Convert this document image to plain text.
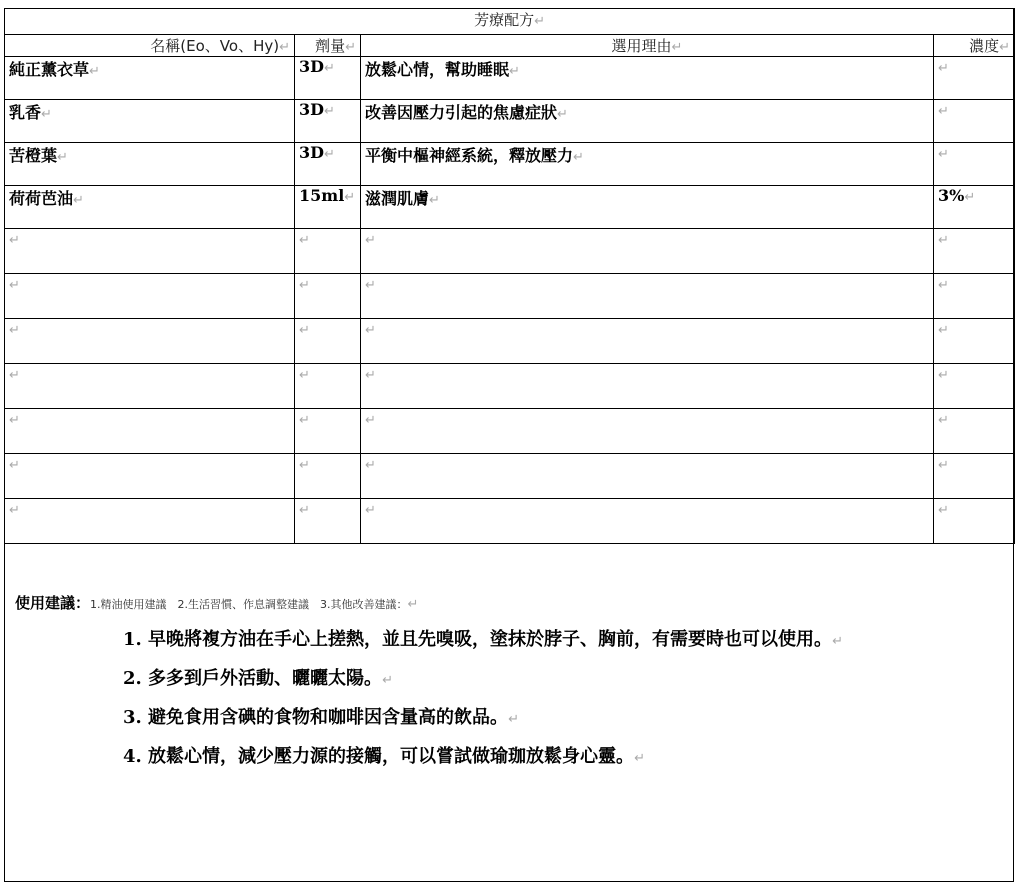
芳療配方↵			
名稱(Eo、Vo、Hy)↵	劑量↵	選用理由↵	濃度↵
純正薰衣草↵	3D↵	放鬆心情，幫助睡眠↵	↵
乳香↵	3D↵	改善因壓力引起的焦慮症狀↵	↵
苦橙葉↵	3D↵	平衡中樞神經系統，釋放壓力↵	↵
荷荷芭油↵	15ml↵	滋潤肌膚↵	3%↵
↵	↵	↵	↵
↵	↵	↵	↵
↵	↵	↵	↵
↵	↵	↵	↵
↵	↵	↵	↵
↵	↵	↵	↵
↵	↵	↵	↵
使用建議：1.精油使用建議　2.生活習慣、作息調整建議　3.其他改善建議：↵
1. 早晚將複方油在手心上搓熱，並且先嗅吸，塗抹於脖子、胸前，有需要時也可以使用。↵
2. 多多到戶外活動、曬曬太陽。↵
3. 避免食用含碘的食物和咖啡因含量高的飲品。↵
4. 放鬆心情，減少壓力源的接觸，可以嘗試做瑜珈放鬆身心靈。↵
